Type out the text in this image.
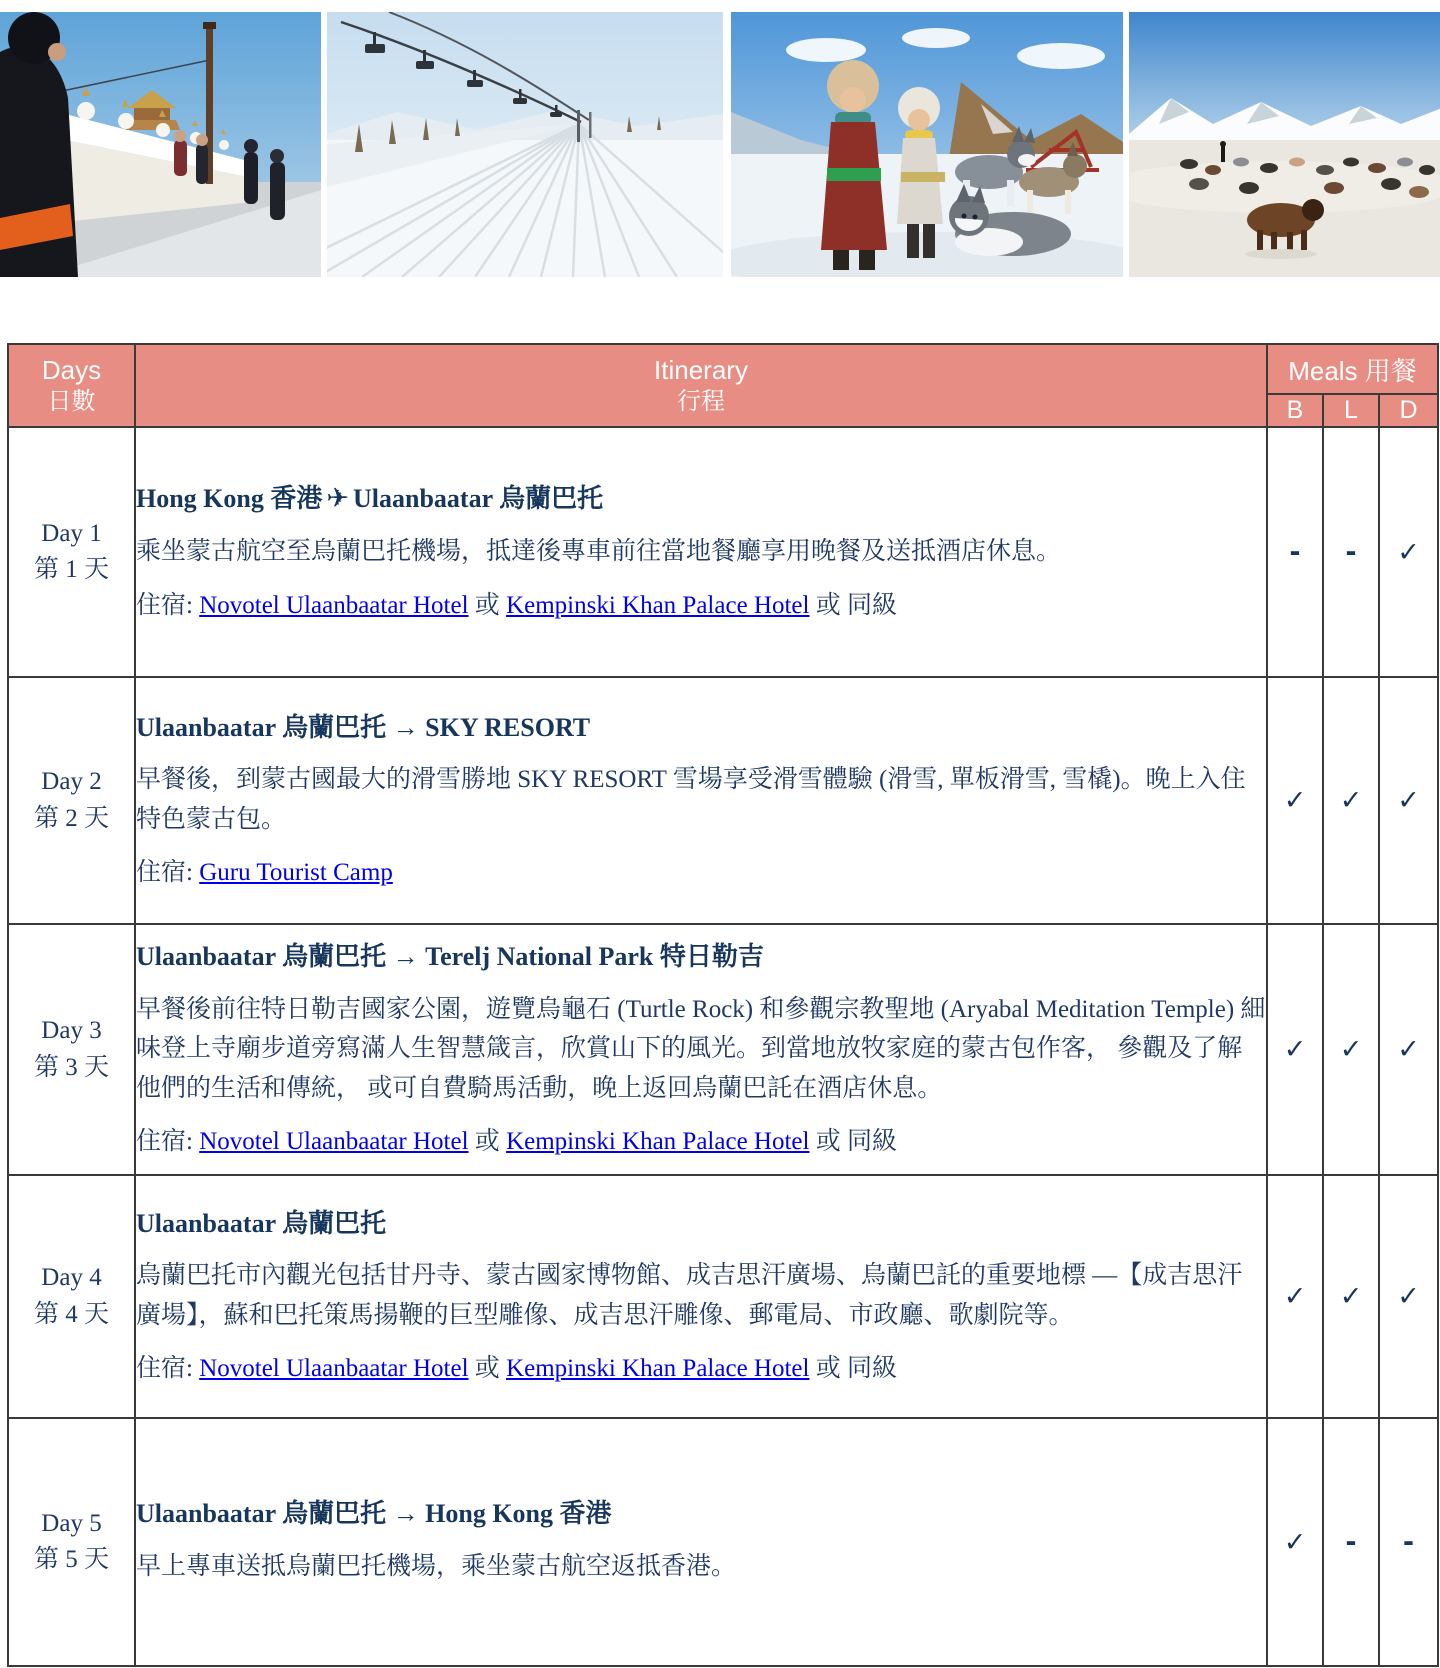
Days
日數

Itinerary
行程
	Meals 用餐
		B	L	D

Day 1
第 1 天

Hong Kong 香港 ✈ Ulaanbaatar 烏蘭巴托
乘坐蒙古航空至烏蘭巴托機場，抵達後專車前往當地餐廳享用晚餐及送抵酒店休息。
住宿: Novotel Ulaanbaatar Hotel 或 Kempinski Khan Palace Hotel 或 同級
	-	-	✓

Day 2
第 2 天

Ulaanbaatar 烏蘭巴托 → SKY RESORT
早餐後，到蒙古國最大的滑雪勝地 SKY RESORT 雪場享受滑雪體驗 (滑雪, 單板滑雪, 雪橇)。晚上入住特色蒙古包。
住宿: Guru Tourist Camp
	✓	✓	✓

Day 3
第 3 天

Ulaanbaatar 烏蘭巴托 → Terelj National Park 特日勒吉
早餐後前往特日勒吉國家公園，遊覽烏龜石 (Turtle Rock) 和參觀宗教聖地 (Aryabal Meditation Temple) 細味登上寺廟步道旁寫滿人生智慧箴言，欣賞山下的風光。到當地放牧家庭的蒙古包作客， 參觀及了解他們的生活和傳統， 或可自費騎馬活動，晚上返回烏蘭巴託在酒店休息。
住宿: Novotel Ulaanbaatar Hotel 或 Kempinski Khan Palace Hotel 或 同級
	✓	✓	✓

Day 4
第 4 天

Ulaanbaatar 烏蘭巴托
烏蘭巴托市內觀光包括甘丹寺、蒙古國家博物館、成吉思汗廣場、烏蘭巴託的重要地標 —【成吉思汗廣場】，蘇和巴托策馬揚鞭的巨型雕像、成吉思汗雕像、郵電局、市政廳、歌劇院等。
住宿: Novotel Ulaanbaatar Hotel 或 Kempinski Khan Palace Hotel 或 同級
	✓	✓	✓

Day 5
第 5 天

Ulaanbaatar 烏蘭巴托 → Hong Kong 香港
早上專車送抵烏蘭巴托機場，乘坐蒙古航空返抵香港。
	✓	-	-
